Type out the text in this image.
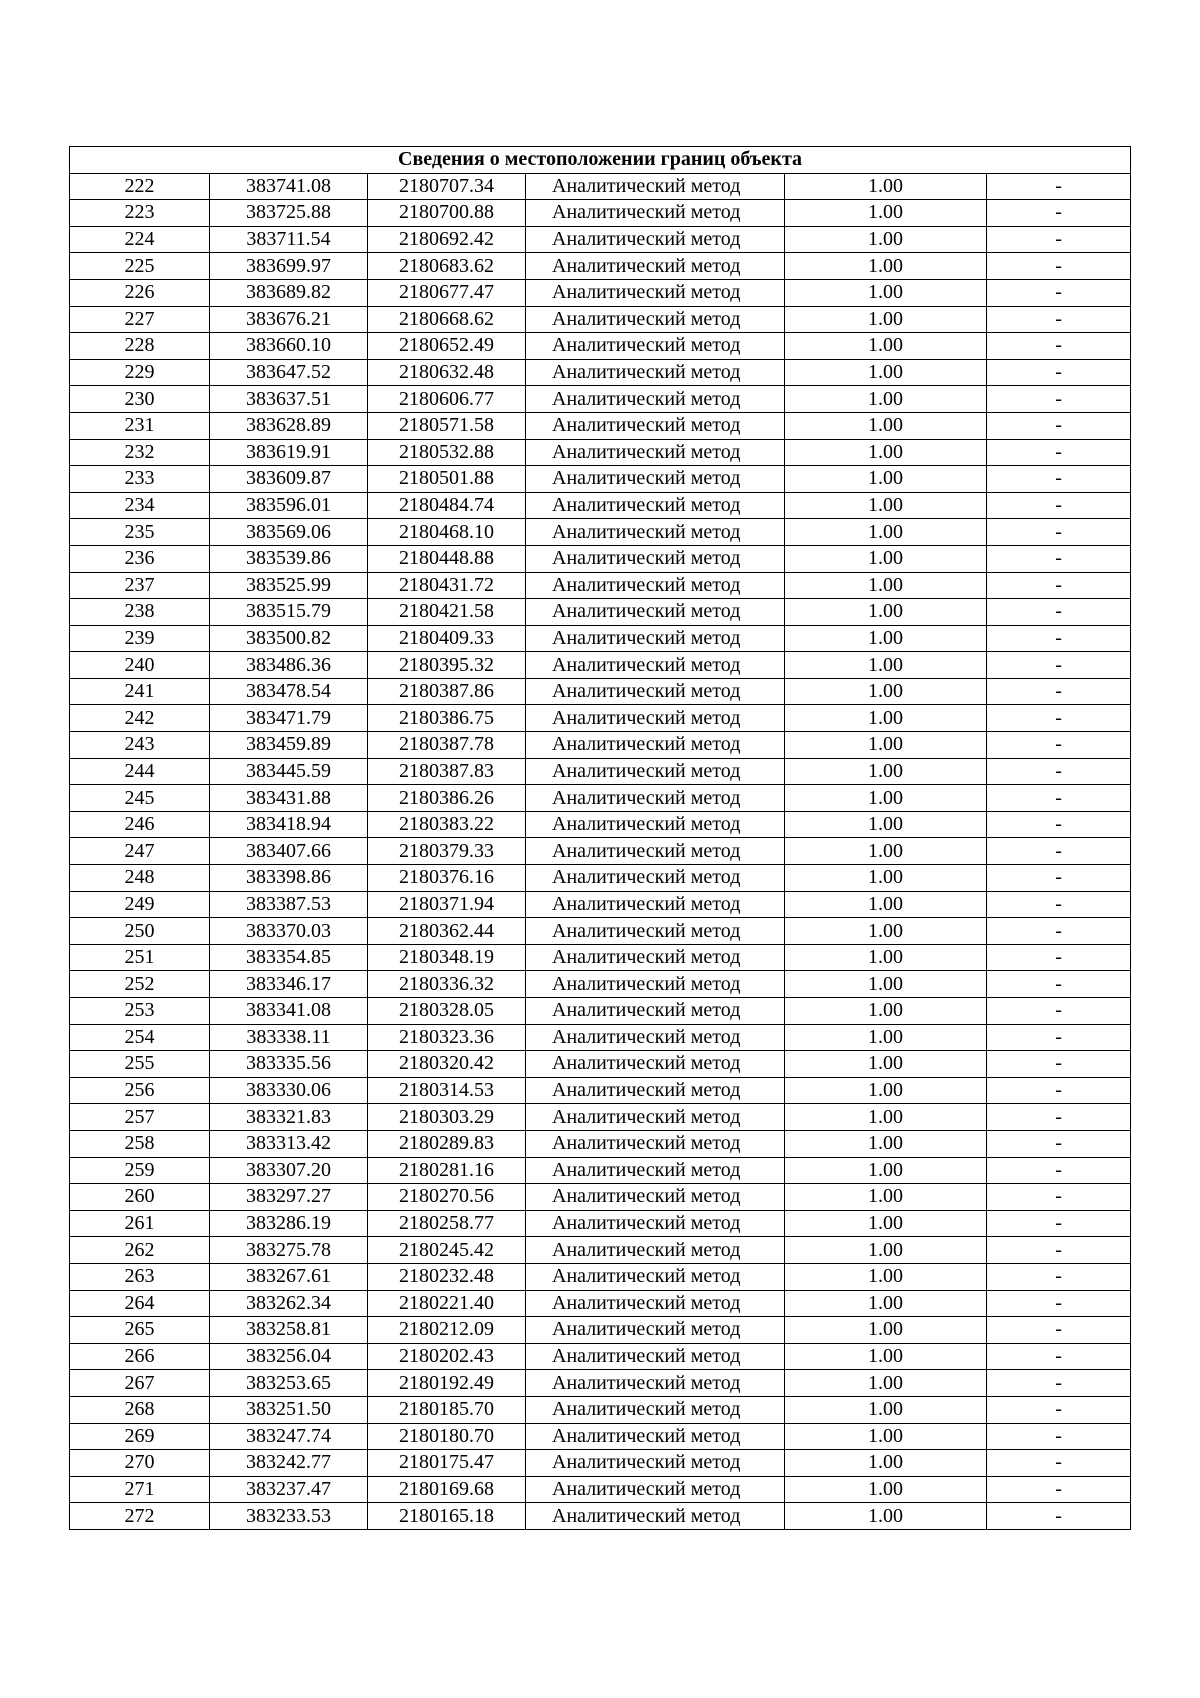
Сведения о местоположении границ объекта					
222	383741.08	2180707.34	Аналитический метод	1.00	-
223	383725.88	2180700.88	Аналитический метод	1.00	-
224	383711.54	2180692.42	Аналитический метод	1.00	-
225	383699.97	2180683.62	Аналитический метод	1.00	-
226	383689.82	2180677.47	Аналитический метод	1.00	-
227	383676.21	2180668.62	Аналитический метод	1.00	-
228	383660.10	2180652.49	Аналитический метод	1.00	-
229	383647.52	2180632.48	Аналитический метод	1.00	-
230	383637.51	2180606.77	Аналитический метод	1.00	-
231	383628.89	2180571.58	Аналитический метод	1.00	-
232	383619.91	2180532.88	Аналитический метод	1.00	-
233	383609.87	2180501.88	Аналитический метод	1.00	-
234	383596.01	2180484.74	Аналитический метод	1.00	-
235	383569.06	2180468.10	Аналитический метод	1.00	-
236	383539.86	2180448.88	Аналитический метод	1.00	-
237	383525.99	2180431.72	Аналитический метод	1.00	-
238	383515.79	2180421.58	Аналитический метод	1.00	-
239	383500.82	2180409.33	Аналитический метод	1.00	-
240	383486.36	2180395.32	Аналитический метод	1.00	-
241	383478.54	2180387.86	Аналитический метод	1.00	-
242	383471.79	2180386.75	Аналитический метод	1.00	-
243	383459.89	2180387.78	Аналитический метод	1.00	-
244	383445.59	2180387.83	Аналитический метод	1.00	-
245	383431.88	2180386.26	Аналитический метод	1.00	-
246	383418.94	2180383.22	Аналитический метод	1.00	-
247	383407.66	2180379.33	Аналитический метод	1.00	-
248	383398.86	2180376.16	Аналитический метод	1.00	-
249	383387.53	2180371.94	Аналитический метод	1.00	-
250	383370.03	2180362.44	Аналитический метод	1.00	-
251	383354.85	2180348.19	Аналитический метод	1.00	-
252	383346.17	2180336.32	Аналитический метод	1.00	-
253	383341.08	2180328.05	Аналитический метод	1.00	-
254	383338.11	2180323.36	Аналитический метод	1.00	-
255	383335.56	2180320.42	Аналитический метод	1.00	-
256	383330.06	2180314.53	Аналитический метод	1.00	-
257	383321.83	2180303.29	Аналитический метод	1.00	-
258	383313.42	2180289.83	Аналитический метод	1.00	-
259	383307.20	2180281.16	Аналитический метод	1.00	-
260	383297.27	2180270.56	Аналитический метод	1.00	-
261	383286.19	2180258.77	Аналитический метод	1.00	-
262	383275.78	2180245.42	Аналитический метод	1.00	-
263	383267.61	2180232.48	Аналитический метод	1.00	-
264	383262.34	2180221.40	Аналитический метод	1.00	-
265	383258.81	2180212.09	Аналитический метод	1.00	-
266	383256.04	2180202.43	Аналитический метод	1.00	-
267	383253.65	2180192.49	Аналитический метод	1.00	-
268	383251.50	2180185.70	Аналитический метод	1.00	-
269	383247.74	2180180.70	Аналитический метод	1.00	-
270	383242.77	2180175.47	Аналитический метод	1.00	-
271	383237.47	2180169.68	Аналитический метод	1.00	-
272	383233.53	2180165.18	Аналитический метод	1.00	-
